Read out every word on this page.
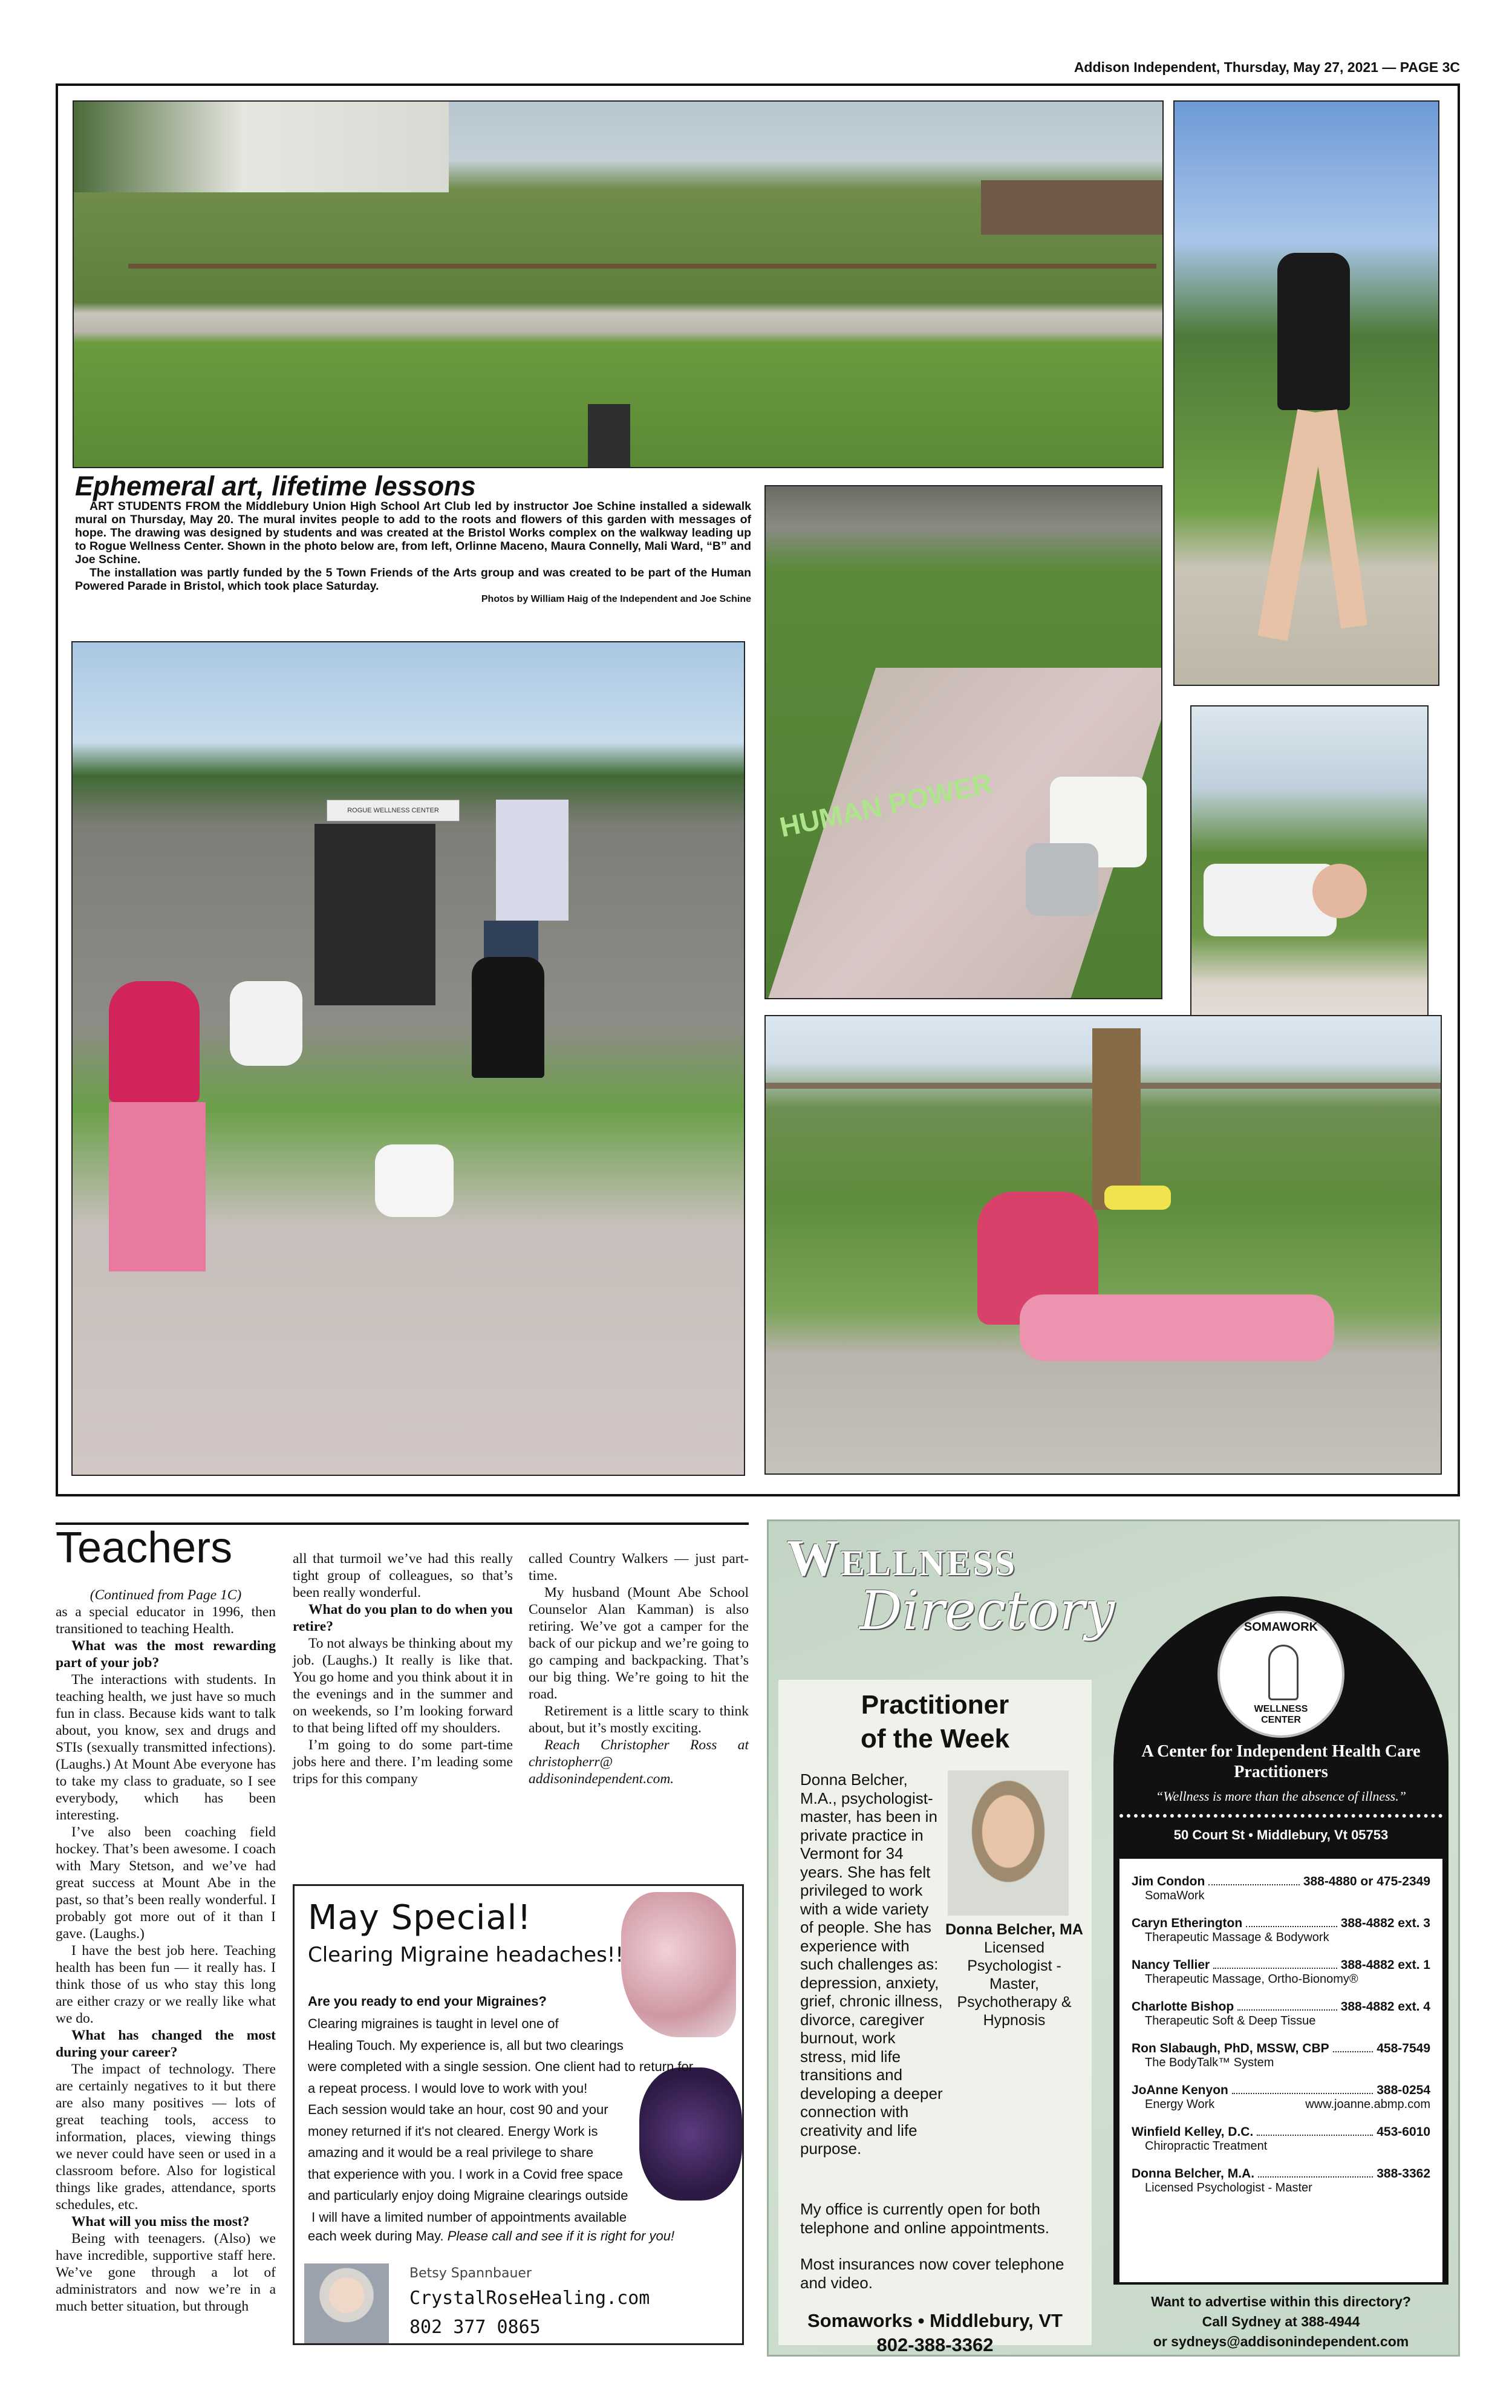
Addison Independent, Thursday, May 27, 2021 — PAGE 3C
Ephemeral art, lifetime lessons

ART STUDENTS FROM the Middlebury Union High School Art Club led by instructor Joe Schine installed a sidewalk mural on Thursday, May 20. The mural invites people to add to the roots and flowers of this garden with messages of hope. The drawing was designed by students and was created at the Bristol Works complex on the walkway leading up to Rogue Wellness Center. Shown in the photo below are, from left, Orlinne Maceno, Maura Connelly, Mali Ward, “B” and Joe Schine.

The installation was partly funded by the 5 Town Friends of the Arts group and was created to be part of the Human Powered Parade in Bristol, which took place Saturday.

Photos by William Haig of the Independent and Joe Schine

HUMAN POWER
ROGUE WELLNESS CENTER
Teachers

(Continued from Page 1C)

as a special educator in 1996, then transitioned to teaching Health.

What was the most rewarding part of your job?

The interactions with students. In teaching health, we just have so much fun in class. Because kids want to talk about, you know, sex and drugs and STIs (sexually transmitted infections). (Laughs.) At Mount Abe everyone has to take my class to graduate, so I see everybody, which has been interesting.

I’ve also been coaching field hockey. That’s been awesome. I coach with Mary Stetson, and we’ve had great success at Mount Abe in the past, so that’s been really wonderful. I probably got more out of it than I gave. (Laughs.)

I have the best job here. Teaching health has been fun — it really has. I think those of us who stay this long are either crazy or we really like what we do.

What has changed the most during your career?

The impact of technology. There are certainly negatives to it but there are also many positives — lots of great teaching tools, access to information, places, viewing things we never could have seen or used in a classroom before. Also for logistical things like grades, attendance, sports schedules, etc.

What will you miss the most?

Being with teenagers. (Also) we have incredible, supportive staff here. We’ve gone through a lot of administrators and now we’re in a much better situation, but through

all that turmoil we’ve had this really tight group of colleagues, so that’s been really wonderful.

What do you plan to do when you retire?

To not always be thinking about my job. (Laughs.) It really is like that. You go home and you think about it in the evenings and in the summer and on weekends, so I’m looking forward to that being lifted off my shoulders.

I’m going to do some part-time jobs here and there. I’m leading some trips for this company

called Country Walkers — just part-time.

My husband (Mount Abe School Counselor Alan Kamman) is also retiring. We’ve got a camper for the back of our pickup and we’re going to go camping and backpacking. That’s our big thing. We’re going to hit the road.

Retirement is a little scary to think about, but it’s mostly exciting.

Reach Christopher Ross at christopherr@ addisonindependent.com.

May Special!
Clearing Migraine headaches!!
Are you ready to end your Migraines?
Clearing migraines is taught in level one of
Healing Touch. My experience is, all but two clearings
were completed with a single session. One client had to return for
a repeat process. I would love to work with you!
Each session would take an hour, cost 90 and your
money returned if it's not cleared. Energy Work is
amazing and it would be a real privilege to share
that experience with you. I work in a Covid free space
and particularly enjoy doing Migraine clearings outside
I will have a limited number of appointments available
each week during May. Please call and see if it is right for you!
Betsy Spannbauer
CrystalRoseHealing.com
802 377 0865
Wellness
Directory
Practitioner
of the Week
Donna Belcher, MA Licensed Psychologist - Master, Psychotherapy & Hypnosis
Donna Belcher, M.A., psychologist-master, has been in private practice in Vermont for 34 years. She has felt privileged to work with a wide variety of people. She has experience with such challenges as: depression, anxiety, grief, chronic illness, divorce, caregiver burnout, work stress, mid life transitions and developing a deeper connection with creativity and life purpose.

My office is currently open for both telephone and online appointments.

Most insurances now cover telephone and video.

Somaworks • Middlebury, VT
802-388-3362
SOMAWORK
WELLNESS CENTER
A Center for Independent Health Care Practitioners
“Wellness is more than the absence of illness.”
50 Court St • Middlebury, Vt 05753
Jim Condon	388-4880 or 475-2349
SomaWork
Caryn Etherington	388-4882 ext. 3
Therapeutic Massage & Bodywork
Nancy Tellier	388-4882 ext. 1
Therapeutic Massage, Ortho-Bionomy®
Charlotte Bishop	388-4882 ext. 4
Therapeutic Soft & Deep Tissue
Ron Slabaugh, PhD, MSSW, CBP	458-7549
The BodyTalk™ System
JoAnne Kenyon	388-0254
Energy Work	www.joanne.abmp.com
Winfield Kelley, D.C.	453-6010
Chiropractic Treatment
Donna Belcher, M.A.	388-3362
Licensed Psychologist - Master
Want to advertise within this directory?
Call Sydney at 388-4944
or sydneys@addisonindependent.com
